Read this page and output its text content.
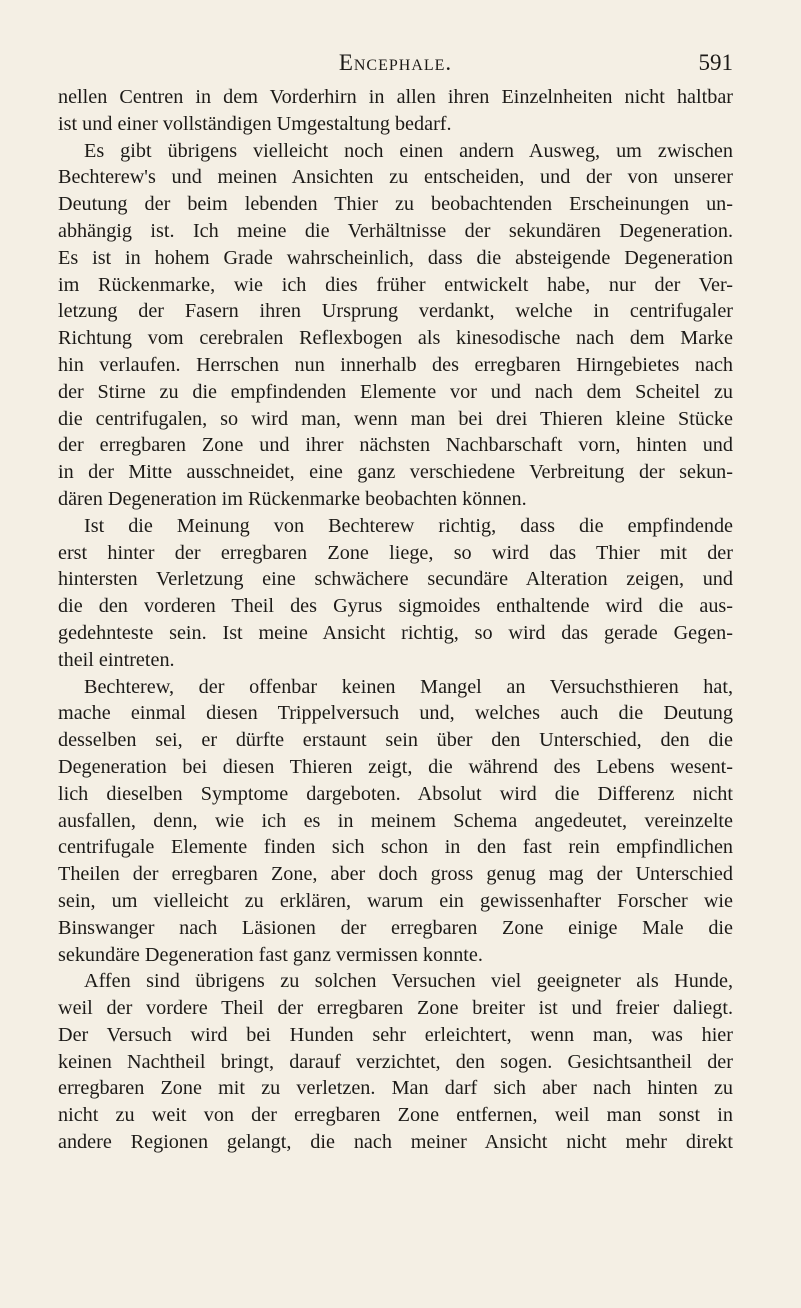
Encephale.	591
nellen Centren in dem Vorderhirn in allen ihren Einzelnheiten nicht haltbar
ist und einer vollständigen Umgestaltung bedarf.
Es gibt übrigens vielleicht noch einen andern Ausweg, um zwischen
Bechterew's und meinen Ansichten zu entscheiden, und der von unserer
Deutung der beim lebenden Thier zu beobachtenden Erscheinungen un-
abhängig ist. Ich meine die Verhältnisse der sekundären Degeneration.
Es ist in hohem Grade wahrscheinlich, dass die absteigende Degeneration
im Rückenmarke, wie ich dies früher entwickelt habe, nur der Ver-
letzung der Fasern ihren Ursprung verdankt, welche in centrifugaler
Richtung vom cerebralen Reflexbogen als kinesodische nach dem Marke
hin verlaufen. Herrschen nun innerhalb des erregbaren Hirngebietes nach
der Stirne zu die empfindenden Elemente vor und nach dem Scheitel zu
die centrifugalen, so wird man, wenn man bei drei Thieren kleine Stücke
der erregbaren Zone und ihrer nächsten Nachbarschaft vorn, hinten und
in der Mitte ausschneidet, eine ganz verschiedene Verbreitung der sekun-
dären Degeneration im Rückenmarke beobachten können.
Ist die Meinung von Bechterew richtig, dass die empfindende
erst hinter der erregbaren Zone liege, so wird das Thier mit der
hintersten Verletzung eine schwächere secundäre Alteration zeigen, und
die den vorderen Theil des Gyrus sigmoides enthaltende wird die aus-
gedehnteste sein. Ist meine Ansicht richtig, so wird das gerade Gegen-
theil eintreten.
Bechterew, der offenbar keinen Mangel an Versuchsthieren hat,
mache einmal diesen Trippelversuch und, welches auch die Deutung
desselben sei, er dürfte erstaunt sein über den Unterschied, den die
Degeneration bei diesen Thieren zeigt, die während des Lebens wesent-
lich dieselben Symptome dargeboten. Absolut wird die Differenz nicht
ausfallen, denn, wie ich es in meinem Schema angedeutet, vereinzelte
centrifugale Elemente finden sich schon in den fast rein empfindlichen
Theilen der erregbaren Zone, aber doch gross genug mag der Unterschied
sein, um vielleicht zu erklären, warum ein gewissenhafter Forscher wie
Binswanger nach Läsionen der erregbaren Zone einige Male die
sekundäre Degeneration fast ganz vermissen konnte.
Affen sind übrigens zu solchen Versuchen viel geeigneter als Hunde,
weil der vordere Theil der erregbaren Zone breiter ist und freier daliegt.
Der Versuch wird bei Hunden sehr erleichtert, wenn man, was hier
keinen Nachtheil bringt, darauf verzichtet, den sogen. Gesichtsantheil der
erregbaren Zone mit zu verletzen. Man darf sich aber nach hinten zu
nicht zu weit von der erregbaren Zone entfernen, weil man sonst in
andere Regionen gelangt, die nach meiner Ansicht nicht mehr direkt
